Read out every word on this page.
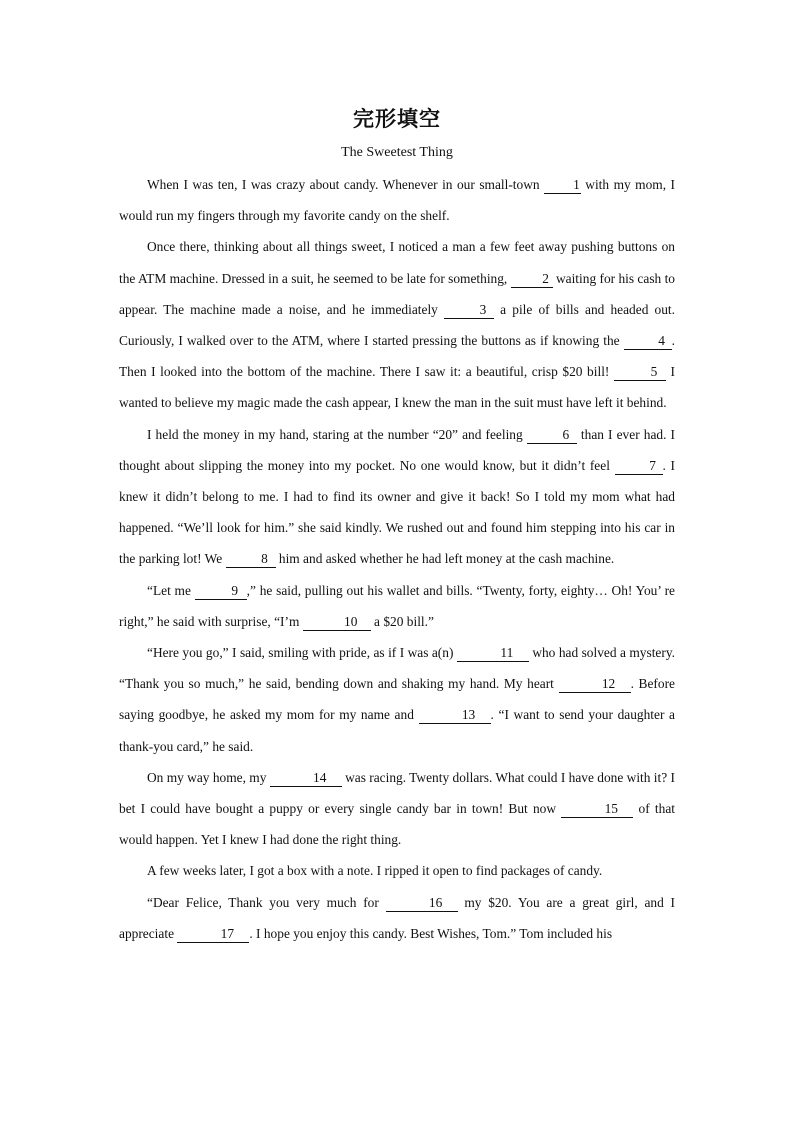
完形填空
The Sweetest Thing

When I was ten, I was crazy about candy. Whenever in our small-town 1 with my mom, I would run my fingers through my favorite candy on the shelf.

Once there, thinking about all things sweet, I noticed a man a few feet away pushing buttons on the ATM machine. Dressed in a suit, he seemed to be late for something, 2 waiting for his cash to appear. The machine made a noise, and he immediately	3 a pile of bills and headed out. Curiously, I walked over to the ATM, where I started pressing the buttons as if knowing the	4 . Then I looked into the bottom of the machine. There I saw it: a beautiful, crisp $20 bill!	5 I wanted to believe my magic made the cash appear, I knew the man in the suit must have left it behind.

I held the money in my hand, staring at the number “20” and feeling	6 than I ever had. I thought about slipping the money into my pocket. No one would know, but it didn’t feel	7 . I knew it didn’t belong to me. I had to find its owner and give it back! So I told my mom what had happened. “We’ll look for him.” she said kindly. We rushed out and found him stepping into his car in the parking lot! We	8 him and asked whether he had left money at the cash machine.

“Let me	9 ,” he said, pulling out his wallet and bills. “Twenty, forty, eighty… Oh! You’ re right,” he said with surprise, “I’m	10 a $20 bill.”

“Here you go,” I said, smiling with pride, as if I was a(n)	11 who had solved a mystery. “Thank you so much,” he said, bending down and shaking my hand. My heart	12 . Before saying goodbye, he asked my mom for my name and	13 . “I want to send your daughter a thank-you card,” he said.

On my way home, my	14 was racing. Twenty dollars. What could I have done with it? I bet I could have bought a puppy or every single candy bar in town! But now	15 of that would happen. Yet I knew I had done the right thing.

A few weeks later, I got a box with a note. I ripped it open to find packages of candy.

“Dear Felice, Thank you very much for	16 my $20. You are a great girl, and I appreciate	17 . I hope you enjoy this candy. Best Wishes, Tom.” Tom included his
